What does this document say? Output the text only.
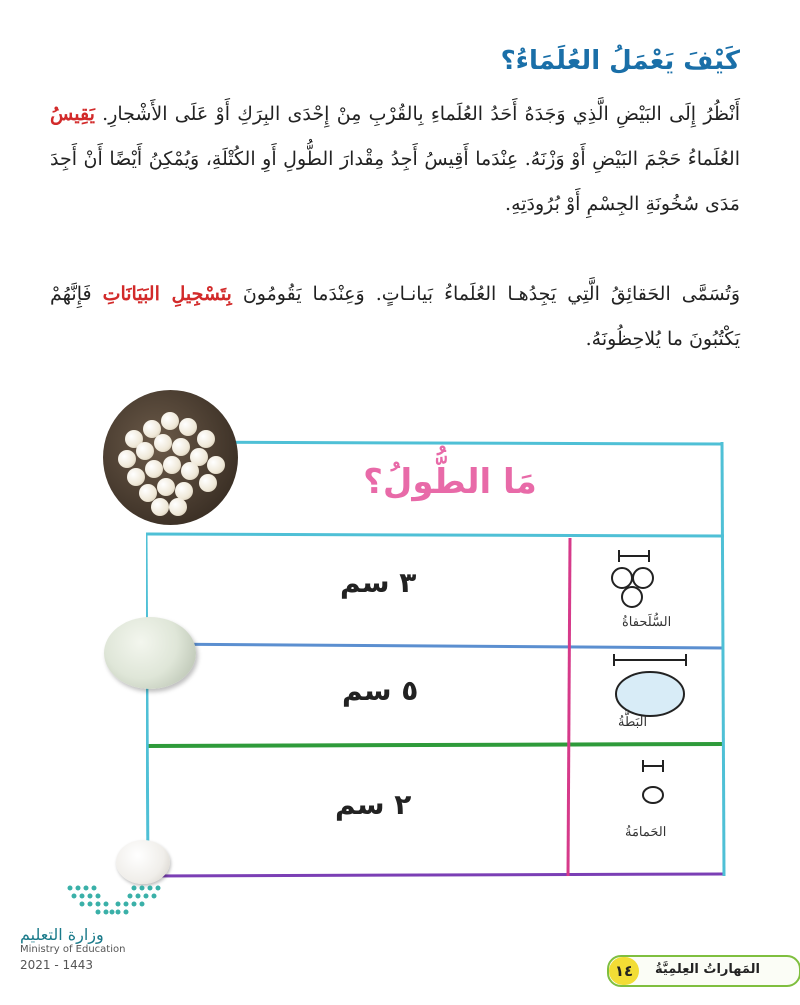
كَيْفَ يَعْمَلُ العُلَمَاءُ؟
أَنْظُرُ إِلَى البَيْضِ الَّذِي وَجَدَهُ أَحَدُ العُلَماءِ بِالقُرْبِ مِنْ إِحْدَى البِرَكِ أَوْ عَلَى الأَشْجارِ. يَقِيسُ العُلَماءُ حَجْمَ البَيْضِ أَوْ وَزْنَهُ. عِنْدَما أَقِيسُ أَجِدُ مِقْدارَ الطُّولِ أَوِ الكُتْلَةِ، وَيُمْكِنُ أَيْضًا أَنْ أَجِدَ مَدَى سُخُونَةِ الجِسْمِ أَوْ بُرُودَتِهِ.
وَتُسَمَّى الحَقائِقُ الَّتِي يَجِدُهـا العُلَماءُ بَيانـاتٍ. وَعِنْدَما يَقُومُونَ بِتَسْجِيلِ البَيَانَاتِ فَإِنَّهُمْ يَكْتُبُونَ ما يُلاحِظُونَهُ.
مَا الطُّولُ؟
٣ سم
٥ سم
٢ سم
السُّلَحفاةُ
البَطَّةُ
الحَمامَةُ
وزارة التعليم
Ministry of Education
2021 - 1443	١٤	المَهاراتُ العِلمِيَّةُ
